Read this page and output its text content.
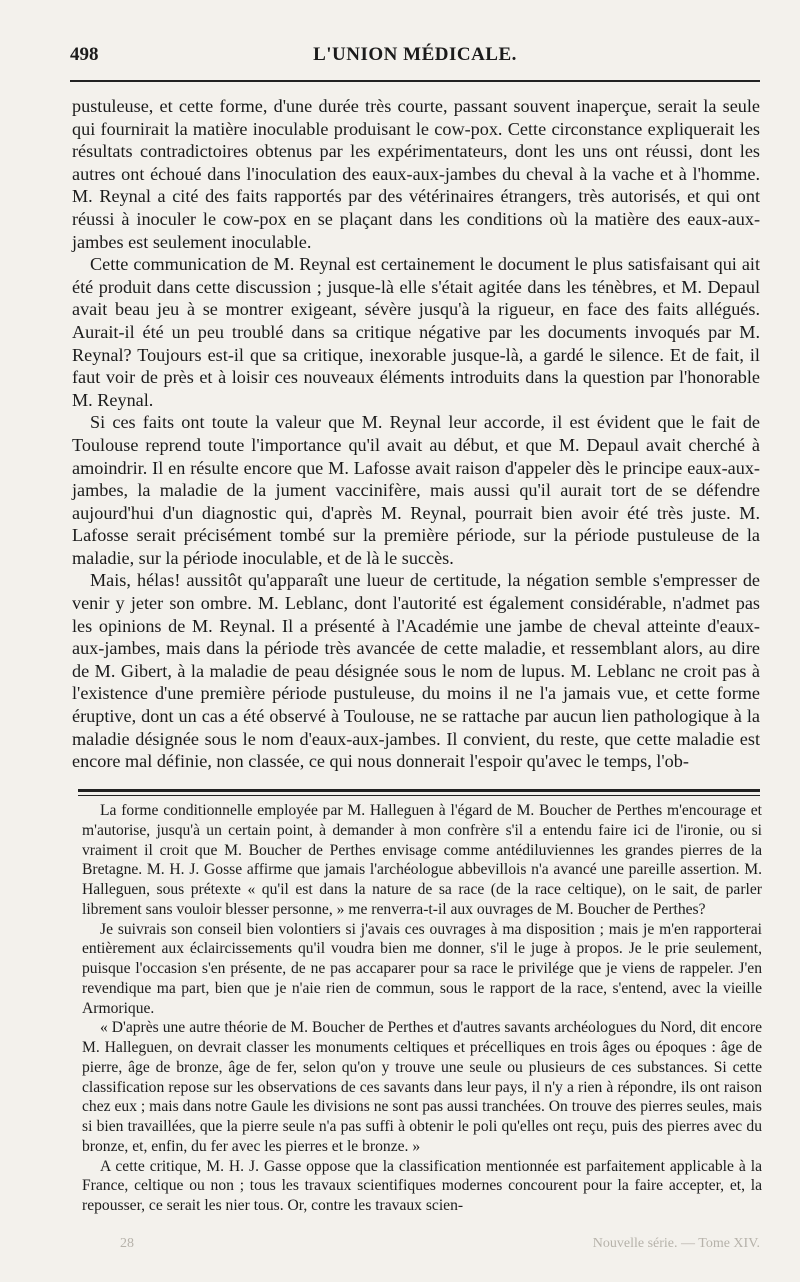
498	L'UNION MÉDICALE.

pustuleuse, et cette forme, d'une durée très courte, passant souvent inaperçue, serait la seule qui fournirait la matière inoculable produisant le cow-pox. Cette circonstance expliquerait les résultats contradictoires obtenus par les expérimentateurs, dont les uns ont réussi, dont les autres ont échoué dans l'inoculation des eaux-aux-jambes du cheval à la vache et à l'homme. M. Reynal a cité des faits rapportés par des vétérinaires étrangers, très autorisés, et qui ont réussi à inoculer le cow-pox en se plaçant dans les conditions où la matière des eaux-aux-jambes est seulement inoculable.

Cette communication de M. Reynal est certainement le document le plus satisfaisant qui ait été produit dans cette discussion ; jusque-là elle s'était agitée dans les ténèbres, et M. Depaul avait beau jeu à se montrer exigeant, sévère jusqu'à la rigueur, en face des faits allégués. Aurait-il été un peu troublé dans sa critique négative par les documents invoqués par M. Reynal? Toujours est-il que sa critique, inexorable jusque-là, a gardé le silence. Et de fait, il faut voir de près et à loisir ces nouveaux éléments introduits dans la question par l'honorable M. Reynal.

Si ces faits ont toute la valeur que M. Reynal leur accorde, il est évident que le fait de Toulouse reprend toute l'importance qu'il avait au début, et que M. Depaul avait cherché à amoindrir. Il en résulte encore que M. Lafosse avait raison d'appeler dès le principe eaux-aux-jambes, la maladie de la jument vaccinifère, mais aussi qu'il aurait tort de se défendre aujourd'hui d'un diagnostic qui, d'après M. Reynal, pourrait bien avoir été très juste. M. Lafosse serait précisément tombé sur la première période, sur la période pustuleuse de la maladie, sur la période inoculable, et de là le succès.

Mais, hélas! aussitôt qu'apparaît une lueur de certitude, la négation semble s'empresser de venir y jeter son ombre. M. Leblanc, dont l'autorité est également considérable, n'admet pas les opinions de M. Reynal. Il a présenté à l'Académie une jambe de cheval atteinte d'eaux-aux-jambes, mais dans la période très avancée de cette maladie, et ressemblant alors, au dire de M. Gibert, à la maladie de peau désignée sous le nom de lupus. M. Leblanc ne croit pas à l'existence d'une première période pustuleuse, du moins il ne l'a jamais vue, et cette forme éruptive, dont un cas a été observé à Toulouse, ne se rattache par aucun lien pathologique à la maladie désignée sous le nom d'eaux-aux-jambes. Il convient, du reste, que cette maladie est encore mal définie, non classée, ce qui nous donnerait l'espoir qu'avec le temps, l'ob-

La forme conditionnelle employée par M. Halleguen à l'égard de M. Boucher de Perthes m'encourage et m'autorise, jusqu'à un certain point, à demander à mon confrère s'il a entendu faire ici de l'ironie, ou si vraiment il croit que M. Boucher de Perthes envisage comme antédiluviennes les grandes pierres de la Bretagne. M. H. J. Gosse affirme que jamais l'archéologue abbevillois n'a avancé une pareille assertion. M. Halleguen, sous prétexte « qu'il est dans la nature de sa race (de la race celtique), on le sait, de parler librement sans vouloir blesser personne, » me renverra-t-il aux ouvrages de M. Boucher de Perthes?

Je suivrais son conseil bien volontiers si j'avais ces ouvrages à ma disposition ; mais je m'en rapporterai entièrement aux éclaircissements qu'il voudra bien me donner, s'il le juge à propos. Je le prie seulement, puisque l'occasion s'en présente, de ne pas accaparer pour sa race le privilége que je viens de rappeler. J'en revendique ma part, bien que je n'aie rien de commun, sous le rapport de la race, s'entend, avec la vieille Armorique.

« D'après une autre théorie de M. Boucher de Perthes et d'autres savants archéologues du Nord, dit encore M. Halleguen, on devrait classer les monuments celtiques et précelliques en trois âges ou époques : âge de pierre, âge de bronze, âge de fer, selon qu'on y trouve une seule ou plusieurs de ces substances. Si cette classification repose sur les observations de ces savants dans leur pays, il n'y a rien à répondre, ils ont raison chez eux ; mais dans notre Gaule les divisions ne sont pas aussi tranchées. On trouve des pierres seules, mais si bien travaillées, que la pierre seule n'a pas suffi à obtenir le poli qu'elles ont reçu, puis des pierres avec du bronze, et, enfin, du fer avec les pierres et le bronze. »

A cette critique, M. H. J. Gasse oppose que la classification mentionnée est parfaitement applicable à la France, celtique ou non ; tous les travaux scientifiques modernes concourent pour la faire accepter, et, la repousser, ce serait les nier tous. Or, contre les travaux scien-

28	Nouvelle série. — Tome XIV.
